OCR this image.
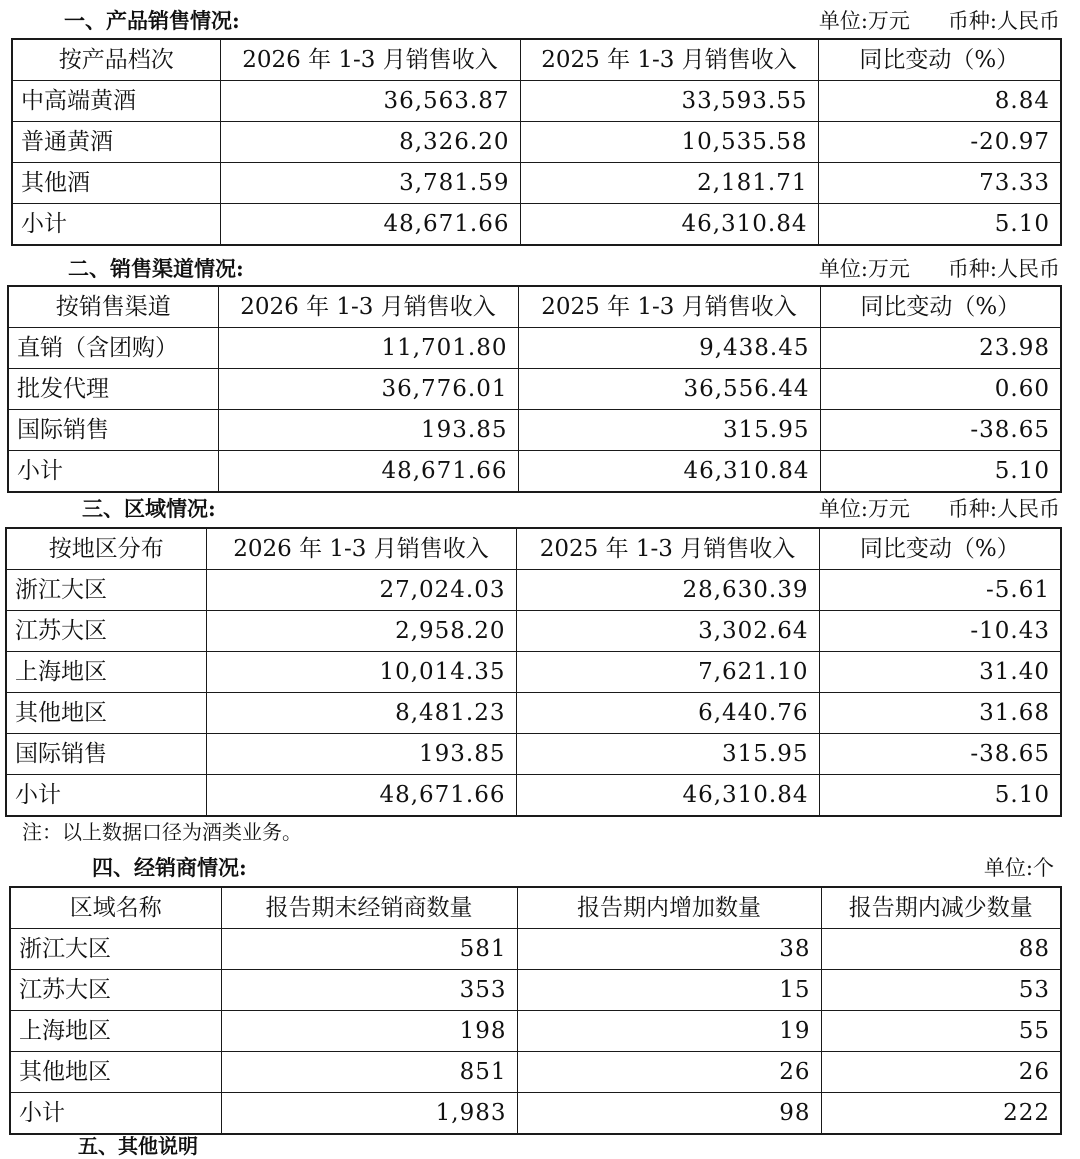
一、产品销售情况:	单位:万元 币种:人民币
按产品档次	2026 年 1-3 月销售收入	2025 年 1-3 月销售收入	同比变动（%）
中高端黄酒	36,563.87	33,593.55	8.84
普通黄酒	8,326.20	10,535.58	-20.97
其他酒	3,781.59	2,181.71	73.33
小计	48,671.66	46,310.84	5.10
二、销售渠道情况:	单位:万元 币种:人民币
按销售渠道	2026 年 1-3 月销售收入	2025 年 1-3 月销售收入	同比变动（%）
直销（含团购）	11,701.80	9,438.45	23.98
批发代理	36,776.01	36,556.44	0.60
国际销售	193.85	315.95	-38.65
小计	48,671.66	46,310.84	5.10
三、区域情况:	单位:万元 币种:人民币
按地区分布	2026 年 1-3 月销售收入	2025 年 1-3 月销售收入	同比变动（%）
浙江大区	27,024.03	28,630.39	-5.61
江苏大区	2,958.20	3,302.64	-10.43
上海地区	10,014.35	7,621.10	31.40
其他地区	8,481.23	6,440.76	31.68
国际销售	193.85	315.95	-38.65
小计	48,671.66	46,310.84	5.10
注：以上数据口径为酒类业务。
四、经销商情况:	单位:个
区域名称	报告期末经销商数量	报告期内增加数量	报告期内减少数量
浙江大区	581	38	88
江苏大区	353	15	53
上海地区	198	19	55
其他地区	851	26	26
小计	1,983	98	222
五、其他说明
